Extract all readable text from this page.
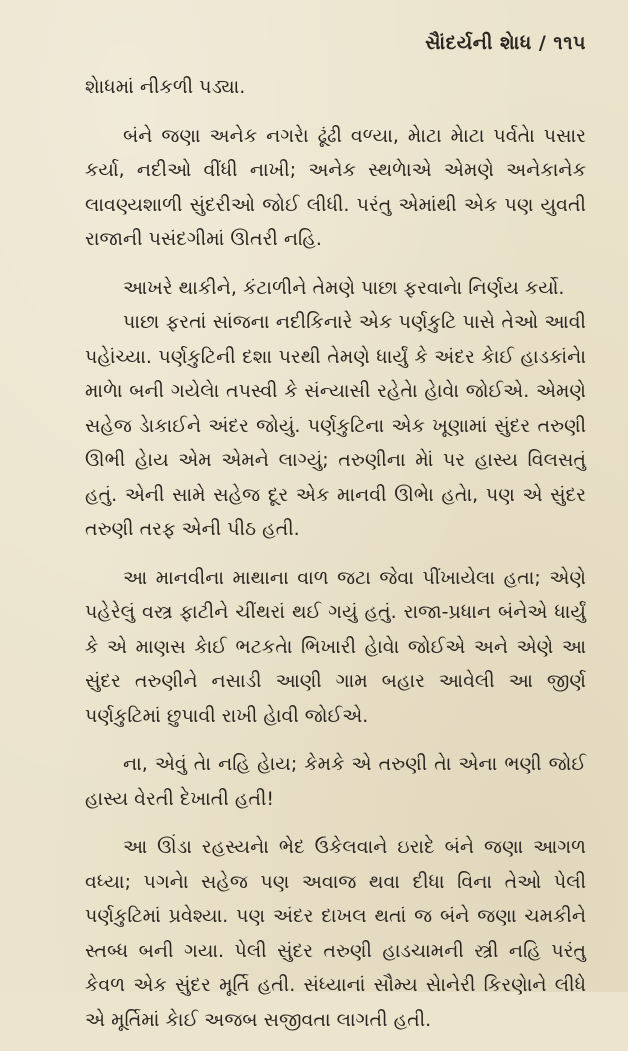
સૈાંદર્યની શેાધ / ૧૧૫

શેાધમાં નીકળી પડ્યા.

બંને જણા અનેક નગરેા ઢૂંઢી વળ્યા, મેાટા મેાટા પર્વતેા પસાર કર્યા, નદીઓ વીંધી નાખી; અનેક સ્થળેાએ એમણે અનેકાનેક લાવણ્યશાળી સુંદરીઓ જોઈ લીધી. પરંતુ એમાંથી એક પણ યુવતી રાજાની પસંદગીમાં ઊતરી નહિ.

આખરે થાકીને, કંટાળીને તેમણે પાછા ફરવાનેા નિર્ણય કર્યો.

પાછા ફરતાં સાંજના નદીકિનારે એક પર્ણકુટિ પાસે તેઓ આવી પહેાંચ્યા. પર્ણકુટિની દશા પરથી તેમણે ધાર્યું કે અંદર કેાઈ હાડકાંનેા માળેા બની ગયેલેા તપસ્વી કે સંન્યાસી રહેતેા હેાવેા જોઈએ. એમણે સહેજ ડેાકાઈને અંદર જોયું. પર્ણકુટિના એક ખૂણામાં સુંદર તરુણી ઊભી હેાય એમ એમને લાગ્યું; તરુણીના મેાં પર હાસ્ય વિલસતું હતું. એની સામે સહેજ દૂર એક માનવી ઊભેા હતેા, પણ એ સુંદર તરુણી તરફ એની પીઠ હતી.

આ માનવીના માથાના વાળ જટા જેવા પીંખાયેલા હતા; એણે પહેરેલું વસ્ત્ર ફાટીને ચીંથરાં થઈ ગયું હતું. રાજા-પ્રધાન બંનેએ ધાર્યું કે એ માણસ કેાઈ ભટકતેા ભિખારી હેાવેા જોઈએ અને એણે આ સુંદર તરુણીને નસાડી આણી ગામ બહાર આવેલી આ જીર્ણ પર્ણકુટિમાં છુપાવી રાખી હેાવી જોઈએ.

ના, એવું તેા નહિ હેાય; કેમકે એ તરુણી તેા એના ભણી જોઈ હાસ્ય વેરતી દેખાતી હતી!

આ ઊંડા રહસ્યનેા ભેદ ઉકેલવાને ઇરાદે બંને જણા આગળ વધ્યા; પગનેા સહેજ પણ અવાજ થવા દીધા વિના તેઓ પેલી પર્ણકુટિમાં પ્રવેશ્યા. પણ અંદર દાખલ થતાં જ બંને જણા ચમકીને સ્તબ્ધ બની ગયા. પેલી સુંદર તરુણી હાડચામની સ્ત્રી નહિ પરંતુ કેવળ એક સુંદર મૂર્તિ હતી. સંધ્યાનાં સૌમ્ય સેાનેરી કિરણેાને લીધે એ મૂર્તિમાં કેાઈ અજબ સજીવતા લાગતી હતી.
